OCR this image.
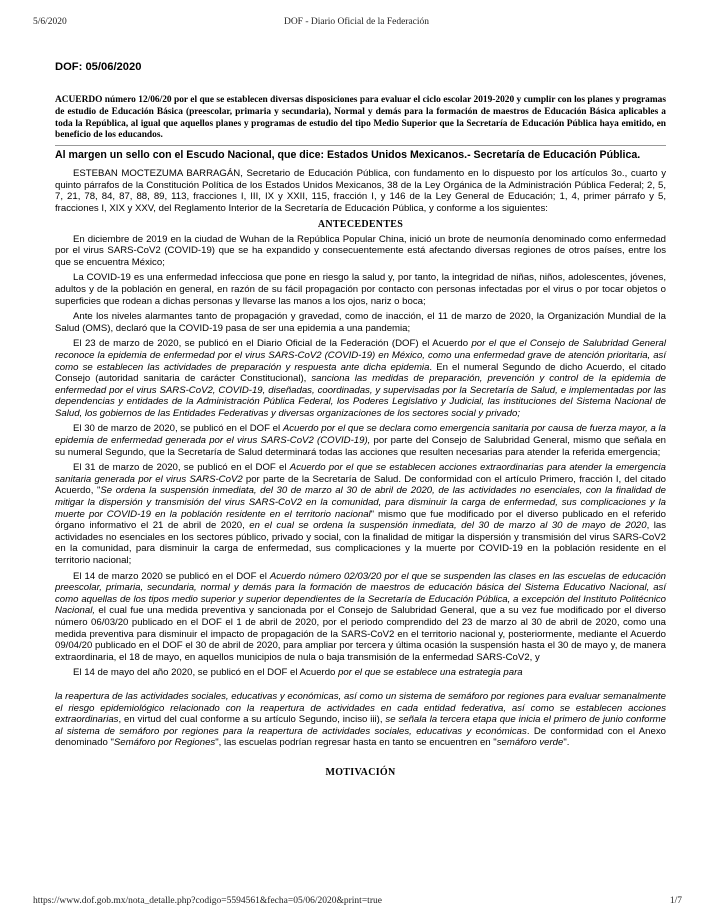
5/6/2020	DOF - Diario Oficial de la Federación
DOF: 05/06/2020

ACUERDO número 12/06/20 por el que se establecen diversas disposiciones para evaluar el ciclo escolar 2019-2020 y cumplir con los planes y programas de estudio de Educación Básica (preescolar, primaria y secundaria), Normal y demás para la formación de maestros de Educación Básica aplicables a toda la República, al igual que aquellos planes y programas de estudio del tipo Medio Superior que la Secretaría de Educación Pública haya emitido, en beneficio de los educandos.

Al margen un sello con el Escudo Nacional, que dice: Estados Unidos Mexicanos.- Secretaría de Educación Pública.

ESTEBAN MOCTEZUMA BARRAGÁN, Secretario de Educación Pública, con fundamento en lo dispuesto por los artículos 3o., cuarto y quinto párrafos de la Constitución Política de los Estados Unidos Mexicanos, 38 de la Ley Orgánica de la Administración Pública Federal; 2, 5, 7, 21, 78, 84, 87, 88, 89, 113, fracciones I, III, IX y XXII, 115, fracción I, y 146 de la Ley General de Educación; 1, 4, primer párrafo y 5, fracciones I, XIX y XXV, del Reglamento Interior de la Secretaría de Educación Pública, y conforme a los siguientes:

ANTECEDENTES

En diciembre de 2019 en la ciudad de Wuhan de la República Popular China, inició un brote de neumonía denominado como enfermedad por el virus SARS-CoV2 (COVID-19) que se ha expandido y consecuentemente está afectando diversas regiones de otros países, entre los que se encuentra México;

La COVID-19 es una enfermedad infecciosa que pone en riesgo la salud y, por tanto, la integridad de niñas, niños, adolescentes, jóvenes, adultos y de la población en general, en razón de su fácil propagación por contacto con personas infectadas por el virus o por tocar objetos o superficies que rodean a dichas personas y llevarse las manos a los ojos, nariz o boca;

Ante los niveles alarmantes tanto de propagación y gravedad, como de inacción, el 11 de marzo de 2020, la Organización Mundial de la Salud (OMS), declaró que la COVID-19 pasa de ser una epidemia a una pandemia;

El 23 de marzo de 2020, se publicó en el Diario Oficial de la Federación (DOF) el Acuerdo por el que el Consejo de Salubridad General reconoce la epidemia de enfermedad por el virus SARS-CoV2 (COVID-19) en México, como una enfermedad grave de atención prioritaria, así como se establecen las actividades de preparación y respuesta ante dicha epidemia. En el numeral Segundo de dicho Acuerdo, el citado Consejo (autoridad sanitaria de carácter Constitucional), sanciona las medidas de preparación, prevención y control de la epidemia de enfermedad por el virus SARS-CoV2, COVID-19, diseñadas, coordinadas, y supervisadas por la Secretaría de Salud, e implementadas por las dependencias y entidades de la Administración Pública Federal, los Poderes Legislativo y Judicial, las instituciones del Sistema Nacional de Salud, los gobiernos de las Entidades Federativas y diversas organizaciones de los sectores social y privado;

El 30 de marzo de 2020, se publicó en el DOF el Acuerdo por el que se declara como emergencia sanitaria por causa de fuerza mayor, a la epidemia de enfermedad generada por el virus SARS-CoV2 (COVID-19), por parte del Consejo de Salubridad General, mismo que señala en su numeral Segundo, que la Secretaría de Salud determinará todas las acciones que resulten necesarias para atender la referida emergencia;

El 31 de marzo de 2020, se publicó en el DOF el Acuerdo por el que se establecen acciones extraordinarias para atender la emergencia sanitaria generada por el virus SARS-CoV2 por parte de la Secretaría de Salud. De conformidad con el artículo Primero, fracción I, del citado Acuerdo, "Se ordena la suspensión inmediata, del 30 de marzo al 30 de abril de 2020, de las actividades no esenciales, con la finalidad de mitigar la dispersión y transmisión del virus SARS-CoV2 en la comunidad, para disminuir la carga de enfermedad, sus complicaciones y la muerte por COVID-19 en la población residente en el territorio nacional" mismo que fue modificado por el diverso publicado en el referido órgano informativo el 21 de abril de 2020, en el cual se ordena la suspensión inmediata, del 30 de marzo al 30 de mayo de 2020, las actividades no esenciales en los sectores público, privado y social, con la finalidad de mitigar la dispersión y transmisión del virus SARS-CoV2 en la comunidad, para disminuir la carga de enfermedad, sus complicaciones y la muerte por COVID-19 en la población residente en el territorio nacional;

El 14 de marzo 2020 se publicó en el DOF el Acuerdo número 02/03/20 por el que se suspenden las clases en las escuelas de educación preescolar, primaria, secundaria, normal y demás para la formación de maestros de educación básica del Sistema Educativo Nacional, así como aquellas de los tipos medio superior y superior dependientes de la Secretaría de Educación Pública, a excepción del Instituto Politécnico Nacional, el cual fue una medida preventiva y sancionada por el Consejo de Salubridad General, que a su vez fue modificado por el diverso número 06/03/20 publicado en el DOF el 1 de abril de 2020, por el periodo comprendido del 23 de marzo al 30 de abril de 2020, como una medida preventiva para disminuir el impacto de propagación de la SARS-CoV2 en el territorio nacional y, posteriormente, mediante el Acuerdo 09/04/20 publicado en el DOF el 30 de abril de 2020, para ampliar por tercera y última ocasión la suspensión hasta el 30 de mayo y, de manera extraordinaria, el 18 de mayo, en aquellos municipios de nula o baja transmisión de la enfermedad SARS-CoV2, y

El 14 de mayo del año 2020, se publicó en el DOF el Acuerdo por el que se establece una estrategia para

la reapertura de las actividades sociales, educativas y económicas, así como un sistema de semáforo por regiones para evaluar semanalmente el riesgo epidemiológico relacionado con la reapertura de actividades en cada entidad federativa, así como se establecen acciones extraordinarias, en virtud del cual conforme a su artículo Segundo, inciso iii), se señala la tercera etapa que inicia el primero de junio conforme al sistema de semáforo por regiones para la reapertura de actividades sociales, educativas y económicas. De conformidad con el Anexo denominado "Semáforo por Regiones", las escuelas podrían regresar hasta en tanto se encuentren en "semáforo verde".

MOTIVACIÓN
https://www.dof.gob.mx/nota_detalle.php?codigo=5594561&fecha=05/06/2020&print=true	1/7
